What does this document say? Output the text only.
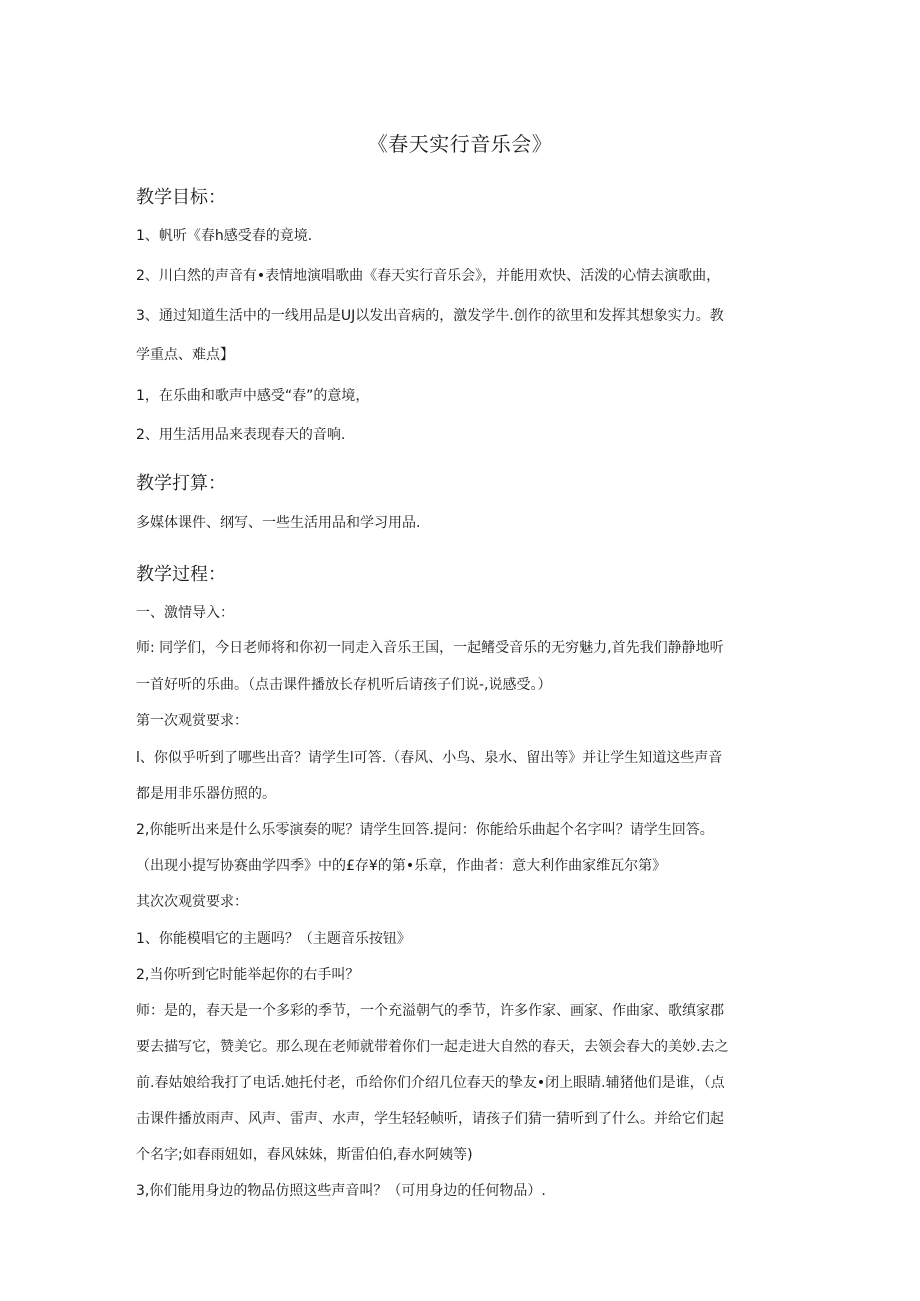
《春天实行音乐会》
教学目标：
1、帆听《春h感受春的竟境.
2、川白然的声音有•表情地演唱歌曲《春天实行音乐会》，并能用欢快、活泼的心情去演歌曲，
3、通过知道生活中的一线用品是UJ以发出音病的，激发学牛.创作的欲里和发挥其想象实力。教
学重点、难点】
1，在乐曲和歌声中感受“春”的意境，
2、用生活用品来表现春天的音响.
教学打算：
多媒体课件、纲写、一些生活用品和学习用品.
教学过程：
一、激情导入：
师: 同学们，今日老师将和你初一同走入音乐王国，一起鳍受音乐的无穷魅力,首先我们静静地听
一首好听的乐曲。（点击课件播放长存机听后请孩子们说-,说感受。）
第一次观赏要求：
l、你似乎听到了哪些出音？请学生l可答.（春风、小鸟、泉水、留出等》并让学生知道这些声音
都是用非乐器仿照的。
2,你能听出来是什么乐零演奏的呢？请学生回答.提问：你能给乐曲起个名字叫？请学生回答。
（出现小提写协赛曲学四季》中的£存¥的第•乐章，作曲者：意大利作曲家维瓦尔第》
其次次观赏要求：
1、你能模唱它的主题吗？（主题音乐按钮》
2,当你听到它时能举起你的右手叫？
师：是的，春天是一个多彩的季节，一个充溢朝气的季节，许多作家、画家、作曲家、歌缜家郡
要去描写它，赞美它。那么现在老师就带着你们一起走进大自然的春天，去领会春大的美妙.去之
前.春姑娘给我打了电话.她托付老，币给你们介绍几位春天的挚友•闭上眼睛.辅猪他们是谁，（点
击课件播放雨声、风声、雷声、水声，学生轻轻帧听，请孩子们猜一猜听到了什么。并给它们起
个名字;如春雨妞如，春风妹妹，斯雷伯伯,春水阿姨等)
3,你们能用身边的物品仿照这些声音叫？（可用身边的任何物品）.
